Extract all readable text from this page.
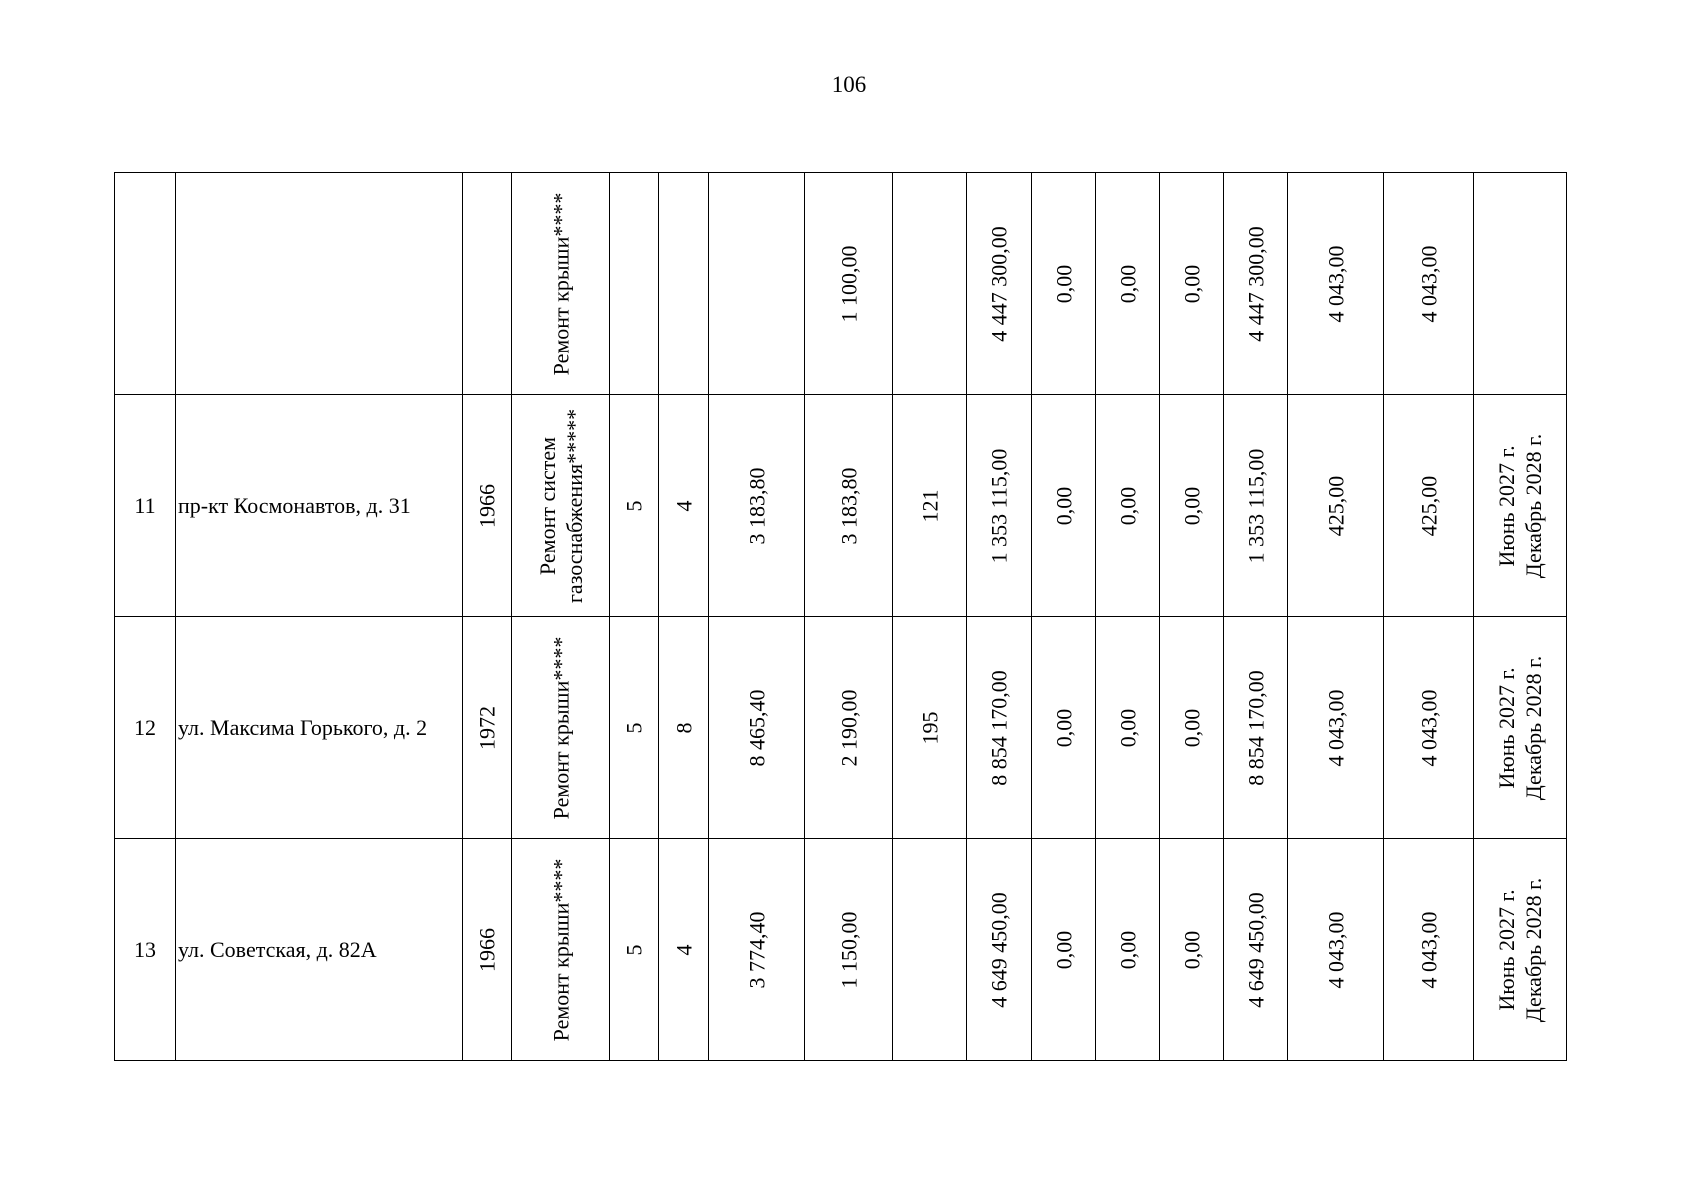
106

			Ремонт крыши****				1 100,00		4 447 300,00	0,00	0,00	0,00	4 447 300,00	4 043,00	4 043,00	

11	пр-кт Космонавтов, д. 31	1966	Ремонт систем газоснабжения*****	5	4	3 183,80	3 183,80	121	1 353 115,00	0,00	0,00	0,00	1 353 115,00	425,00	425,00	Июнь 2027 г. Декабрь 2028 г.

12	ул. Максима Горького, д. 2	1972	Ремонт крыши****	5	8	8 465,40	2 190,00	195	8 854 170,00	0,00	0,00	0,00	8 854 170,00	4 043,00	4 043,00	Июнь 2027 г. Декабрь 2028 г.

13	ул. Советская, д. 82А	1966	Ремонт крыши****	5	4	3 774,40	1 150,00		4 649 450,00	0,00	0,00	0,00	4 649 450,00	4 043,00	4 043,00	Июнь 2027 г. Декабрь 2028 г.
